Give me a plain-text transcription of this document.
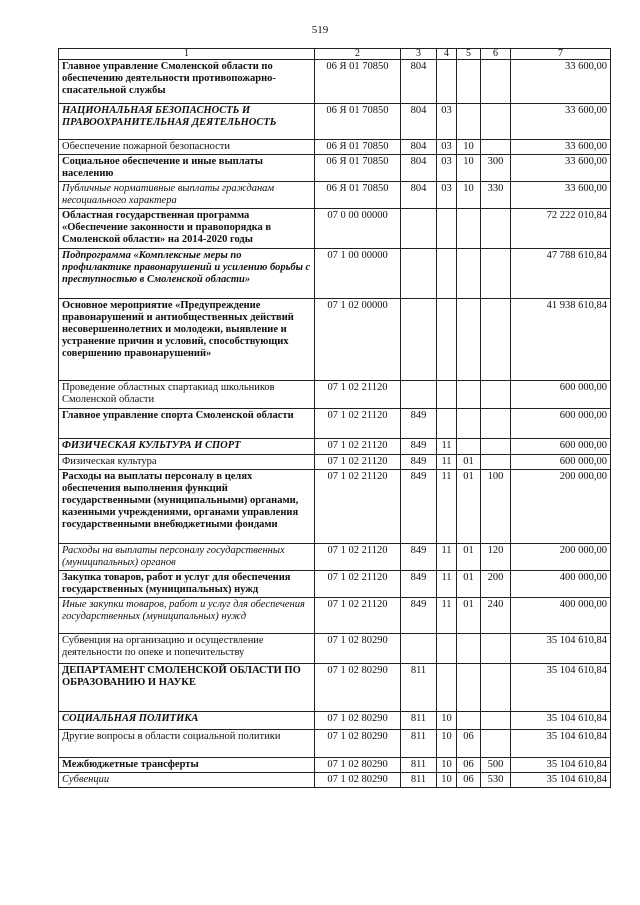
519
1	2	3	4	5	6	7
Главное управление Смоленской области по обеспечению деятельности противопожарно-спасательной службы	06 Я 01 70850	804				33 600,00
НАЦИОНАЛЬНАЯ БЕЗОПАСНОСТЬ И ПРАВООХРАНИТЕЛЬНАЯ ДЕЯТЕЛЬНОСТЬ	06 Я 01 70850	804	03			33 600,00
Обеспечение пожарной безопасности	06 Я 01 70850	804	03	10		33 600,00
Социальное обеспечение и иные выплаты населению	06 Я 01 70850	804	03	10	300	33 600,00
Публичные нормативные выплаты гражданам несоциального характера	06 Я 01 70850	804	03	10	330	33 600,00
Областная государственная программа «Обеспечение законности и правопорядка в Смоленской области» на 2014-2020 годы	07 0 00 00000					72 222 010,84
Подпрограмма «Комплексные меры по профилактике правонарушений и усилению борьбы с преступностью в Смоленской области»	07 1 00 00000					47 788 610,84
Основное мероприятие «Предупреждение правонарушений и антиобщественных действий несовершеннолетних и молодежи, выявление и устранение причин и условий, способствующих совершению правонарушений»	07 1 02 00000					41 938 610,84
Проведение областных спартакиад школьников Смоленской области	07 1 02 21120					600 000,00
Главное управление спорта Смоленской области	07 1 02 21120	849				600 000,00
ФИЗИЧЕСКАЯ КУЛЬТУРА И СПОРТ	07 1 02 21120	849	11			600 000,00
Физическая культура	07 1 02 21120	849	11	01		600 000,00
Расходы на выплаты персоналу в целях обеспечения выполнения функций государственными (муниципальными) органами, казенными учреждениями, органами управления государственными внебюджетными фондами	07 1 02 21120	849	11	01	100	200 000,00
Расходы на выплаты персоналу государственных (муниципальных) органов	07 1 02 21120	849	11	01	120	200 000,00
Закупка товаров, работ и услуг для обеспечения государственных (муниципальных) нужд	07 1 02 21120	849	11	01	200	400 000,00
Иные закупки товаров, работ и услуг для обеспечения государственных (муниципальных) нужд	07 1 02 21120	849	11	01	240	400 000,00
Субвенция на организацию и осуществление деятельности по опеке и попечительству	07 1 02 80290					35 104 610,84
ДЕПАРТАМЕНТ СМОЛЕНСКОЙ ОБЛАСТИ ПО ОБРАЗОВАНИЮ И НАУКЕ	07 1 02 80290	811				35 104 610,84
СОЦИАЛЬНАЯ ПОЛИТИКА	07 1 02 80290	811	10			35 104 610,84
Другие вопросы в области социальной политики	07 1 02 80290	811	10	06		35 104 610,84
Межбюджетные трансферты	07 1 02 80290	811	10	06	500	35 104 610,84
Субвенции	07 1 02 80290	811	10	06	530	35 104 610,84
